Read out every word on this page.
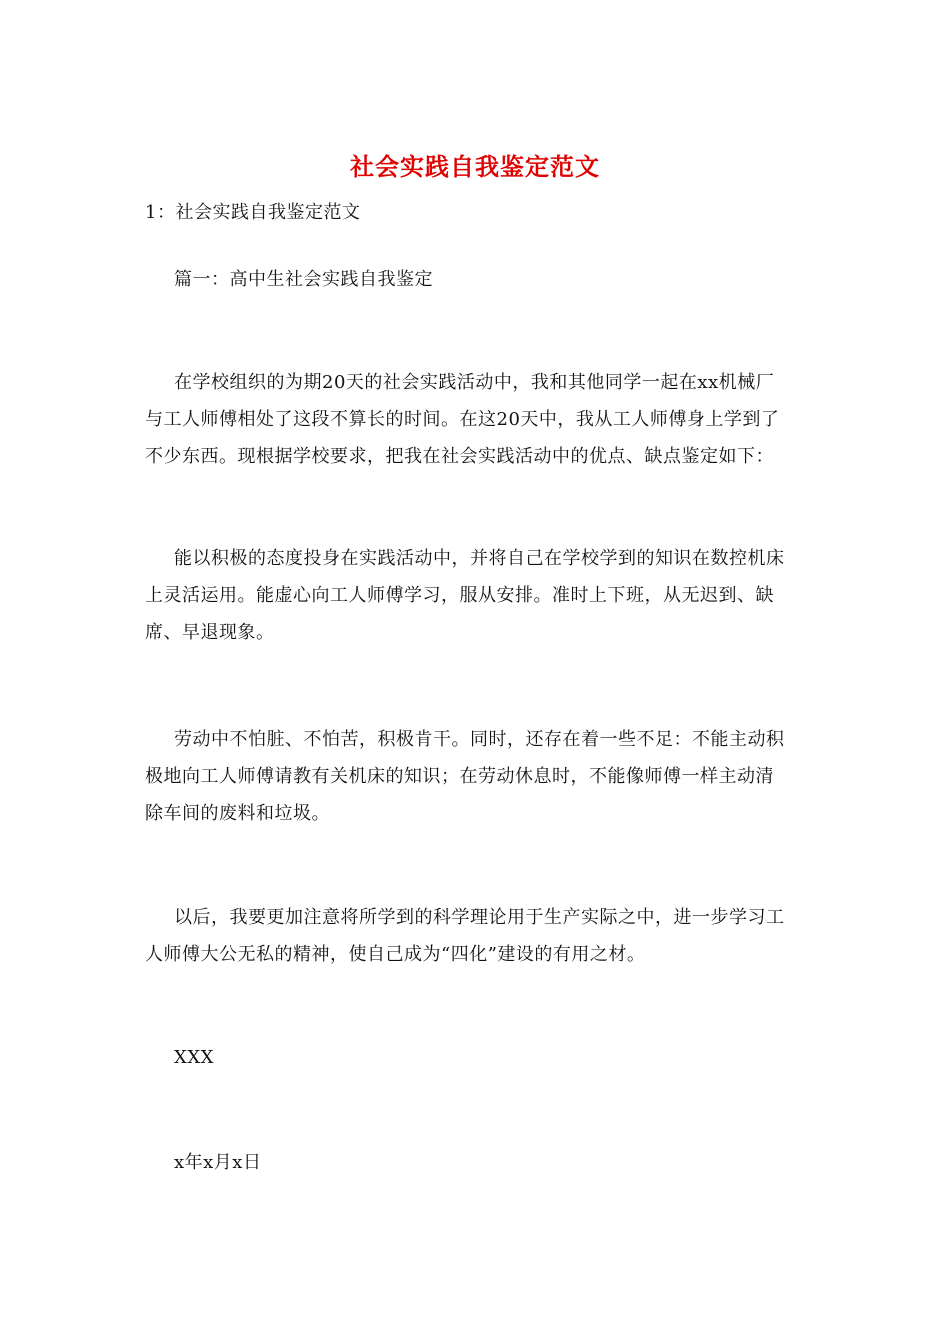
社会实践自我鉴定范文
1：社会实践自我鉴定范文
篇一：高中生社会实践自我鉴定
在学校组织的为期20天的社会实践活动中，我和其他同学一起在xx机械厂
与工人师傅相处了这段不算长的时间。在这20天中，我从工人师傅身上学到了
不少东西。现根据学校要求，把我在社会实践活动中的优点、缺点鉴定如下：
能以积极的态度投身在实践活动中，并将自己在学校学到的知识在数控机床
上灵活运用。能虚心向工人师傅学习，服从安排。准时上下班，从无迟到、缺
席、早退现象。
劳动中不怕脏、不怕苦，积极肯干。同时，还存在着一些不足：不能主动积
极地向工人师傅请教有关机床的知识；在劳动休息时，不能像师傅一样主动清
除车间的废料和垃圾。
以后，我要更加注意将所学到的科学理论用于生产实际之中，进一步学习工
人师傅大公无私的精神，使自己成为“四化”建设的有用之材。
XXX
x年x月x日
